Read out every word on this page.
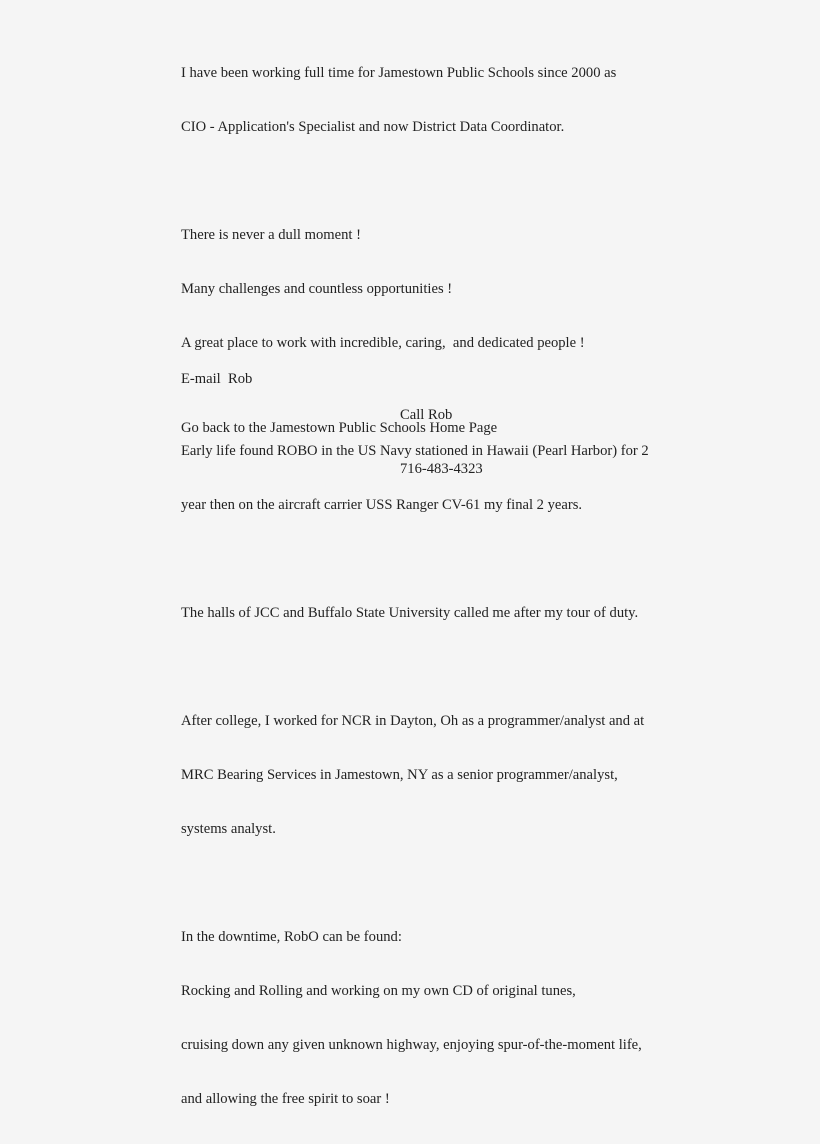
I have been working full time for Jamestown Public Schools since 2000 as

CIO - Application's Specialist and now District Data Coordinator.

There is never a dull moment !

Many challenges and countless opportunities !

A great place to work with incredible, caring,  and dedicated people !

Early life found ROBO in the US Navy stationed in Hawaii (Pearl Harbor) for 2

year then on the aircraft carrier USS Ranger CV-61 my final 2 years.

The halls of JCC and Buffalo State University called me after my tour of duty.

After college, I worked for NCR in Dayton, Oh as a programmer/analyst and at

MRC Bearing Services in Jamestown, NY as a senior programmer/analyst,

systems analyst.

In the downtime, RobO can be found:

Rocking and Rolling and working on my own CD of original tunes,

cruising down any given unknown highway, enjoying spur-of-the-moment life,

and allowing the free spirit to soar !

E-mail  Rob

Call Rob

716-483-4323

Go back to the Jamestown Public Schools Home Page
